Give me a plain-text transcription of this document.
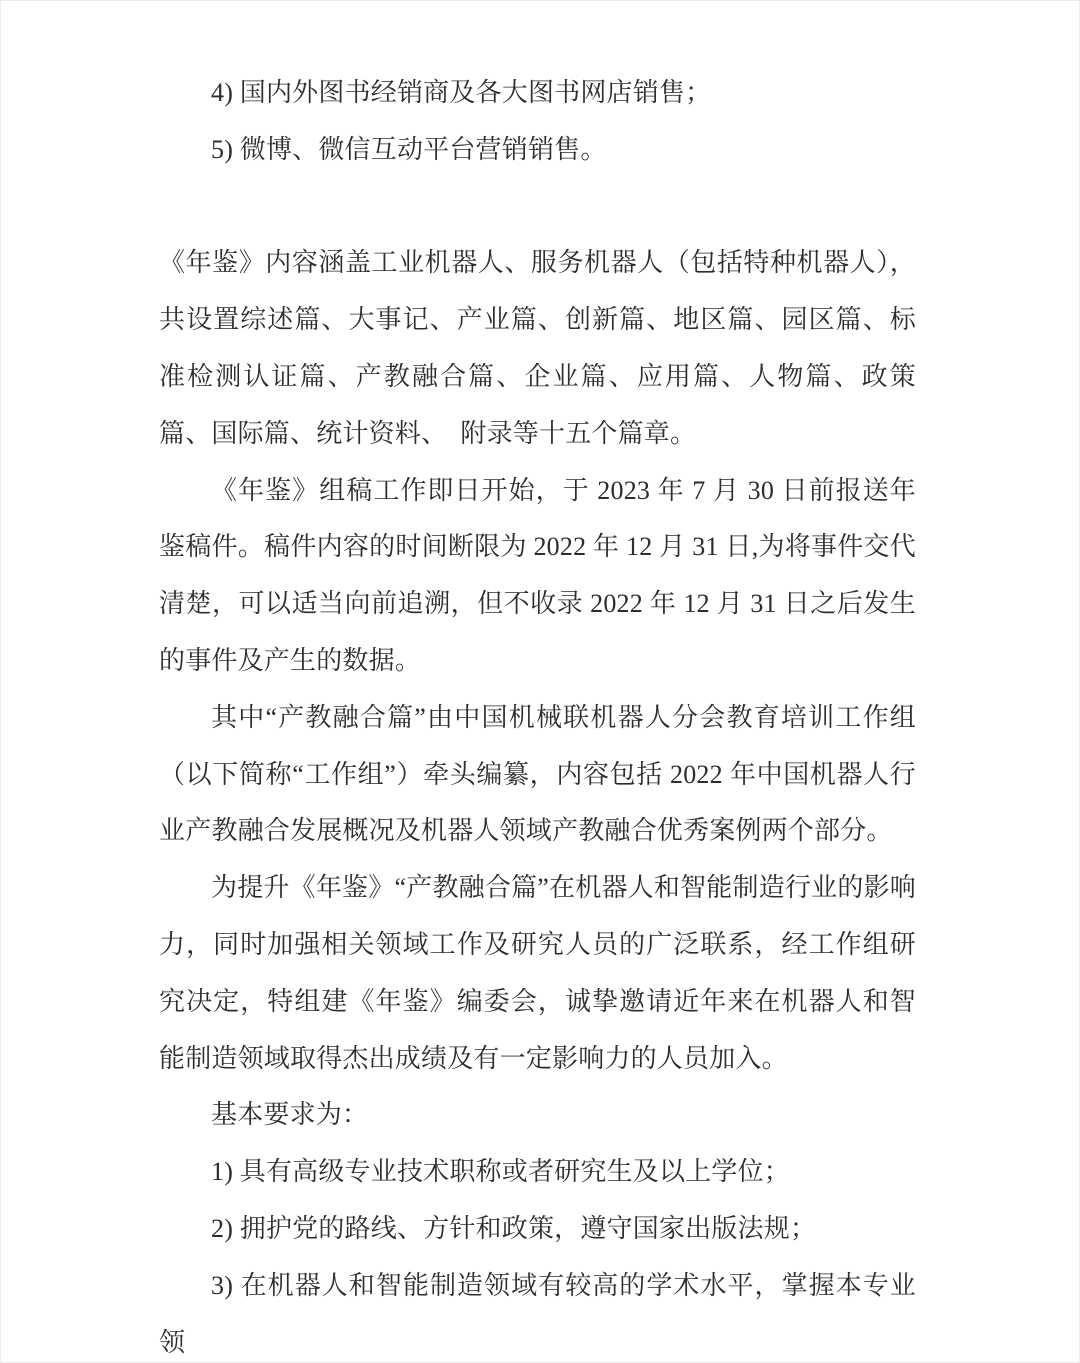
4) 国内外图书经销商及各大图书网店销售；

5) 微博、微信互动平台营销销售。

《年鉴》内容涵盖工业机器人、服务机器人（包括特种机器人），共设置综述篇、大事记、产业篇、创新篇、地区篇、园区篇、标准检测认证篇、产教融合篇、企业篇、应用篇、人物篇、政策篇、国际篇、统计资料、　附录等十五个篇章。

《年鉴》组稿工作即日开始，于 2023 年 7 月 30 日前报送年鉴稿件。稿件内容的时间断限为 2022 年 12 月 31 日,为将事件交代清楚，可以适当向前追溯，但不收录 2022 年 12 月 31 日之后发生的事件及产生的数据。

其中“产教融合篇”由中国机械联机器人分会教育培训工作组（以下简称“工作组”）牵头编纂，内容包括 2022 年中国机器人行业产教融合发展概况及机器人领域产教融合优秀案例两个部分。

为提升《年鉴》“产教融合篇”在机器人和智能制造行业的影响力，同时加强相关领域工作及研究人员的广泛联系，经工作组研究决定，特组建《年鉴》编委会，诚挚邀请近年来在机器人和智能制造领域取得杰出成绩及有一定影响力的人员加入。

基本要求为：

1) 具有高级专业技术职称或者研究生及以上学位；

2) 拥护党的路线、方针和政策，遵守国家出版法规；

3) 在机器人和智能制造领域有较高的学术水平，掌握本专业领
